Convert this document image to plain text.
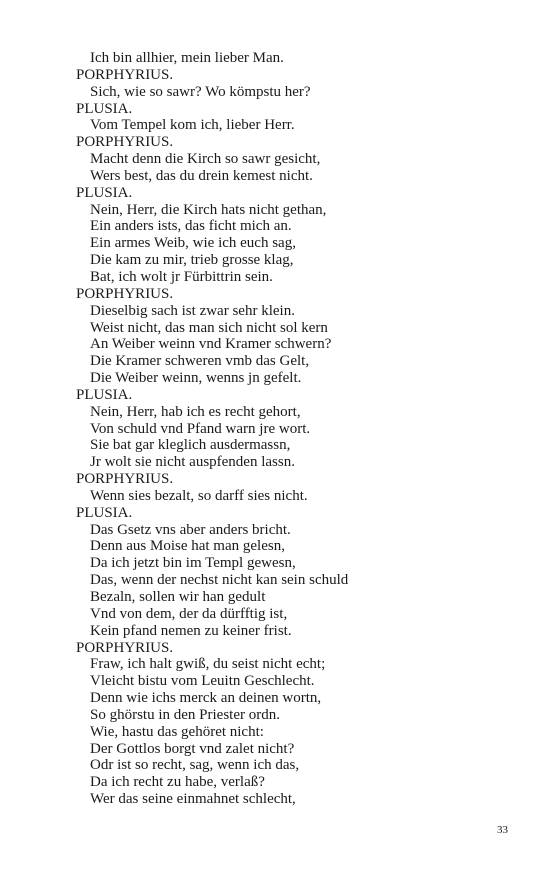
Ich bin allhier, mein lieber Man.
PORPHYRIUS.
Sich, wie so sawr? Wo kömpstu her?
PLUSIA.
Vom Tempel kom ich, lieber Herr.
PORPHYRIUS.
Macht denn die Kirch so sawr gesicht,
Wers best, das du drein kemest nicht.
PLUSIA.
Nein, Herr, die Kirch hats nicht gethan,
Ein anders ists, das ficht mich an.
Ein armes Weib, wie ich euch sag,
Die kam zu mir, trieb grosse klag,
Bat, ich wolt jr Fürbittrin sein.
PORPHYRIUS.
Dieselbig sach ist zwar sehr klein.
Weist nicht, das man sich nicht sol kern
An Weiber weinn vnd Kramer schwern?
Die Kramer schweren vmb das Gelt,
Die Weiber weinn, wenns jn gefelt.
PLUSIA.
Nein, Herr, hab ich es recht gehort,
Von schuld vnd Pfand warn jre wort.
Sie bat gar kleglich ausdermassn,
Jr wolt sie nicht auspfenden lassn.
PORPHYRIUS.
Wenn sies bezalt, so darff sies nicht.
PLUSIA.
Das Gsetz vns aber anders bricht.
Denn aus Moise hat man gelesn,
Da ich jetzt bin im Templ gewesn,
Das, wenn der nechst nicht kan sein schuld
Bezaln, sollen wir han gedult
Vnd von dem, der da dürfftig ist,
Kein pfand nemen zu keiner frist.
PORPHYRIUS.
Fraw, ich halt gwiß, du seist nicht echt;
Vleicht bistu vom Leuitn Geschlecht.
Denn wie ichs merck an deinen wortn,
So ghörstu in den Priester ordn.
Wie, hastu das gehöret nicht:
Der Gottlos borgt vnd zalet nicht?
Odr ist so recht, sag, wenn ich das,
Da ich recht zu habe, verlaß?
Wer das seine einmahnet schlecht,
33
